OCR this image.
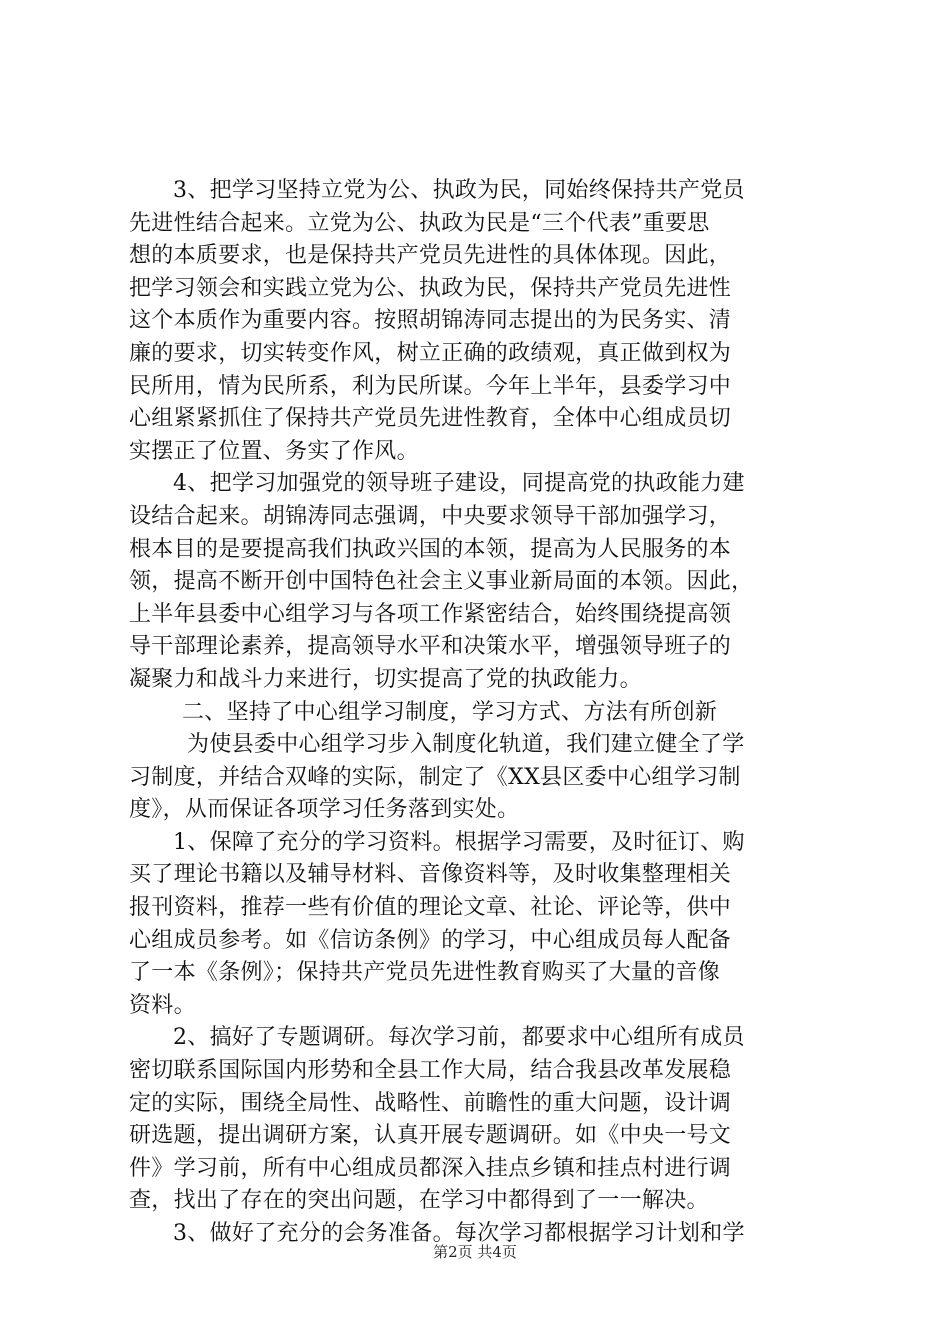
3、把学习坚持立党为公、执政为民，同始终保持共产党员
先进性结合起来。立党为公、执政为民是“三个代表”重要思
想的本质要求，也是保持共产党员先进性的具体体现。因此，
把学习领会和实践立党为公、执政为民，保持共产党员先进性
这个本质作为重要内容。按照胡锦涛同志提出的为民务实、清
廉的要求，切实转变作风，树立正确的政绩观，真正做到权为
民所用，情为民所系，利为民所谋。今年上半年，县委学习中
心组紧紧抓住了保持共产党员先进性教育，全体中心组成员切
实摆正了位置、务实了作风。
4、把学习加强党的领导班子建设，同提高党的执政能力建
设结合起来。胡锦涛同志强调，中央要求领导干部加强学习，
根本目的是要提高我们执政兴国的本领，提高为人民服务的本
领，提高不断开创中国特色社会主义事业新局面的本领。因此，
上半年县委中心组学习与各项工作紧密结合，始终围绕提高领
导干部理论素养，提高领导水平和决策水平，增强领导班子的
凝聚力和战斗力来进行，切实提高了党的执政能力。
二、坚持了中心组学习制度，学习方式、方法有所创新
为使县委中心组学习步入制度化轨道，我们建立健全了学
习制度，并结合双峰的实际，制定了《XX县区委中心组学习制
度》，从而保证各项学习任务落到实处。
1、保障了充分的学习资料。根据学习需要，及时征订、购
买了理论书籍以及辅导材料、音像资料等，及时收集整理相关
报刊资料，推荐一些有价值的理论文章、社论、评论等，供中
心组成员参考。如《信访条例》的学习，中心组成员每人配备
了一本《条例》；保持共产党员先进性教育购买了大量的音像
资料。
2、搞好了专题调研。每次学习前，都要求中心组所有成员
密切联系国际国内形势和全县工作大局，结合我县改革发展稳
定的实际，围绕全局性、战略性、前瞻性的重大问题，设计调
研选题，提出调研方案，认真开展专题调研。如《中央一号文
件》学习前，所有中心组成员都深入挂点乡镇和挂点村进行调
查，找出了存在的突出问题，在学习中都得到了一一解决。
3、做好了充分的会务准备。每次学习都根据学习计划和学
第2页 共4页
